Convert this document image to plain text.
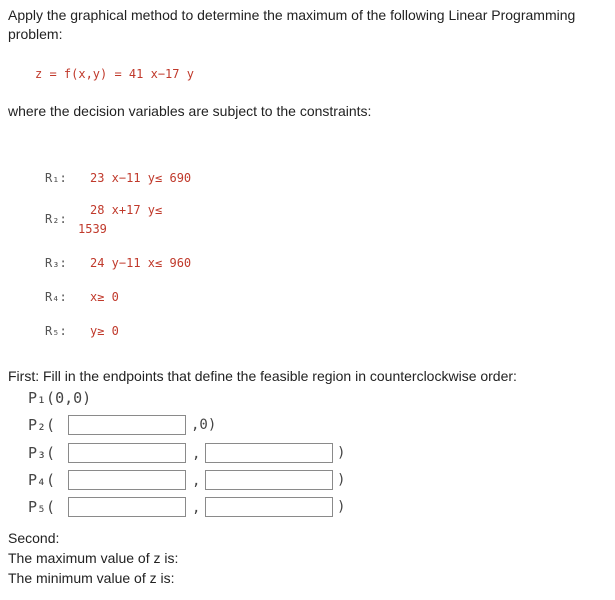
Apply the graphical method to determine the maximum of the following Linear Programming
problem:
z = f(x,y) = 41 x−17 y
where the decision variables are subject to the constraints:
R₁: 23 x−11 y≤ 690
R₂:
28 x+17 y≤
1539
R₃: 24 y−11 x≤ 960
R₄: x≥ 0
R₅: y≥ 0
First: Fill in the endpoints that define the feasible region in counterclockwise order:
P₁(0,0)
P₂(	,0)
P₃(	,	)
P₄(	,	)
P₅(	,	)
Second:
The maximum value of z is:
The minimum value of z is:
